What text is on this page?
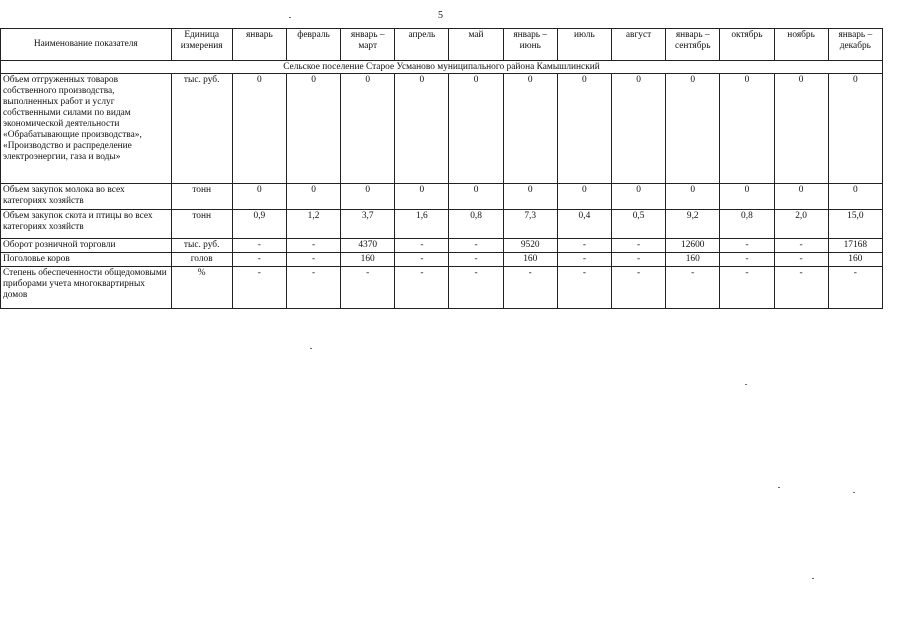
5
Наименование показателя	Единица измерения	январь	февраль	январь – март	апрель	май	январь – июнь	июль	август	январь – сентябрь	октябрь	ноябрь	январь – декабрь
Сельское поселение Старое Усманово муниципального района Камышлинский													
Объем отгруженных товаров собственного производства, выполненных работ и услуг собственными силами по видам экономической деятельности «Обрабатывающие производства», «Производство и распределение электроэнергии, газа и воды»	тыс. руб.	0	0	0	0	0	0	0	0	0	0	0	0
Объем закупок молока во всех категориях хозяйств	тонн	0	0	0	0	0	0	0	0	0	0	0	0
Объем закупок скота и птицы во всех категориях хозяйств	тонн	0,9	1,2	3,7	1,6	0,8	7,3	0,4	0,5	9,2	0,8	2,0	15,0
Оборот розничной торговли	тыс. руб.	-	-	4370	-	-	9520	-	-	12600	-	-	17168
Поголовье коров	голов	-	-	160	-	-	160	-	-	160	-	-	160
Степень обеспеченности общедомовыми приборами учета многоквартирных домов	%	-	-	-	-	-	-	-	-	-	-	-	-
